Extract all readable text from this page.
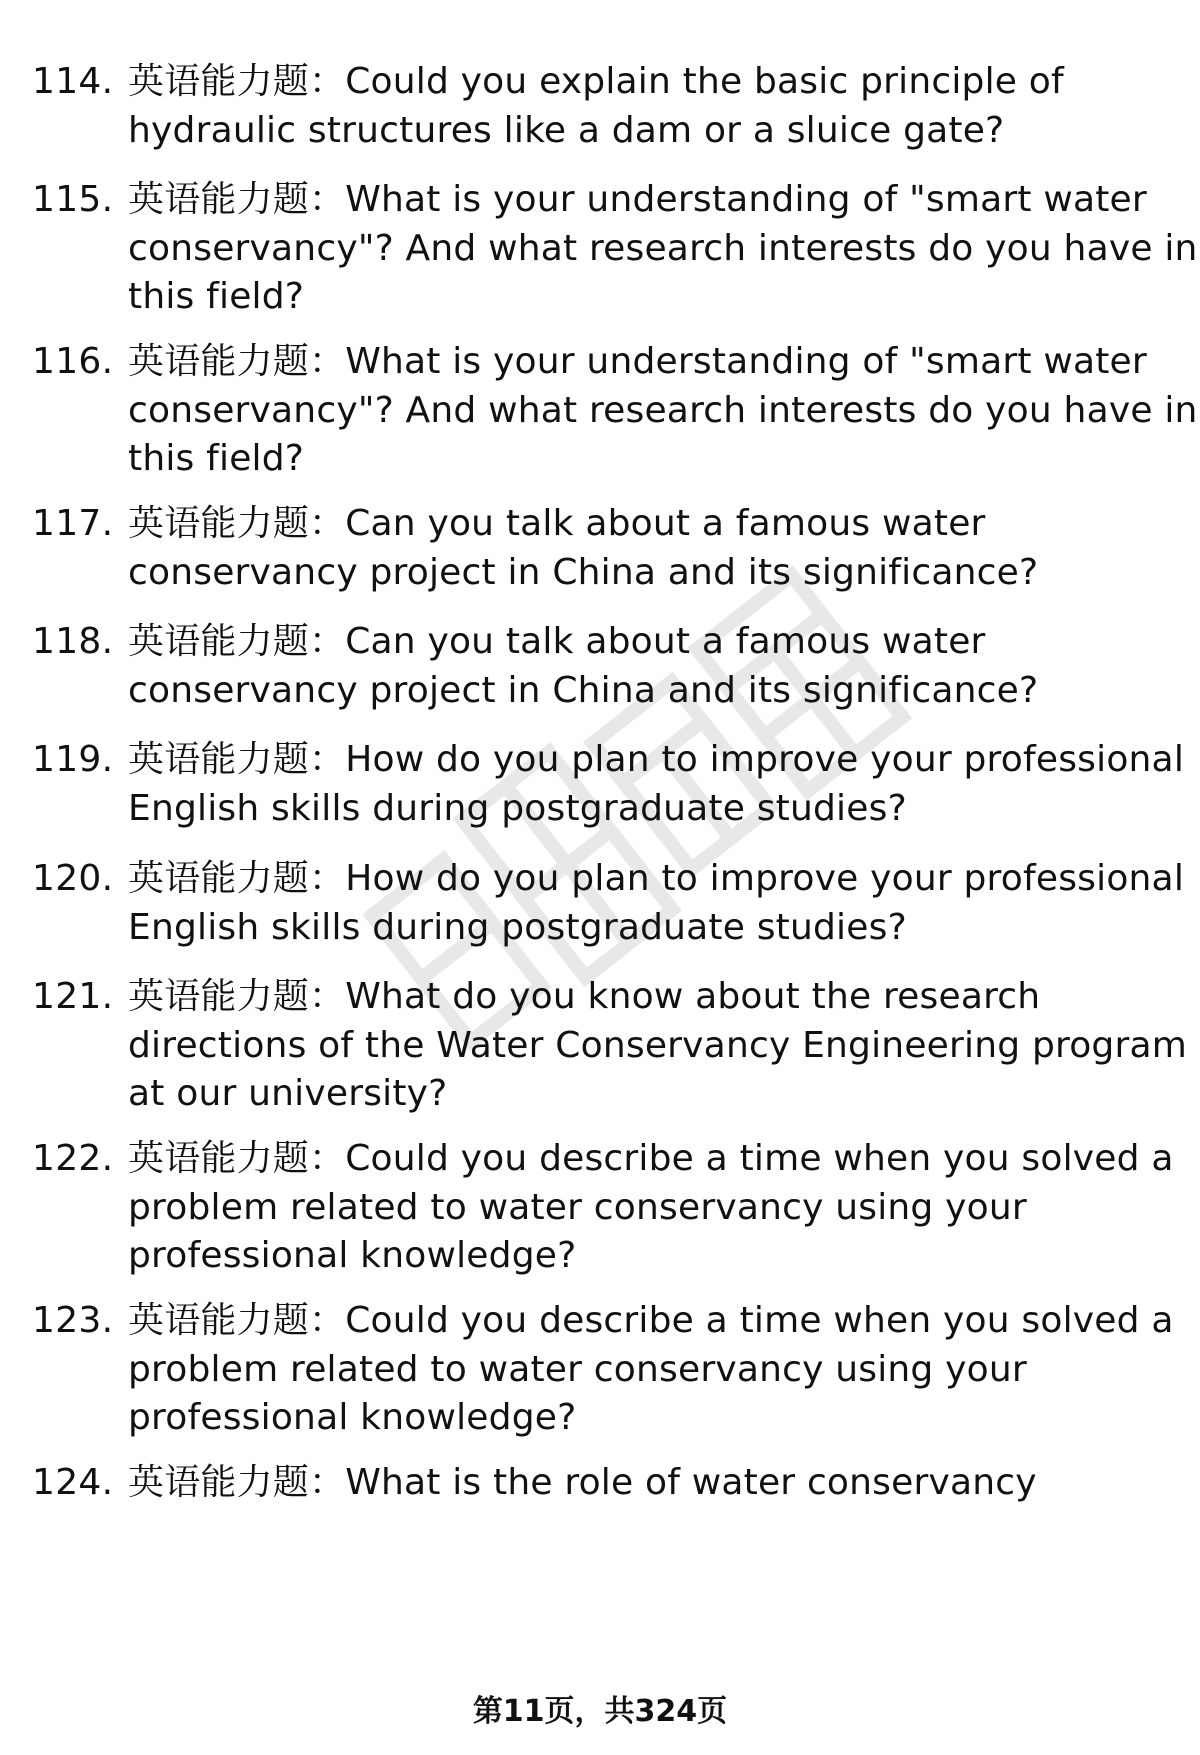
114. 英语能力题：Could you explain the basic principle of
hydraulic structures like a dam or a sluice gate?
115. 英语能力题：What is your understanding of "smart water
conservancy"? And what research interests do you have in
this field?
116. 英语能力题：What is your understanding of "smart water
conservancy"? And what research interests do you have in
this field?
117. 英语能力题：Can you talk about a famous water
conservancy project in China and its significance?
118. 英语能力题：Can you talk about a famous water
conservancy project in China and its significance?
119. 英语能力题：How do you plan to improve your professional
English skills during postgraduate studies?
120. 英语能力题：How do you plan to improve your professional
English skills during postgraduate studies?
121. 英语能力题：What do you know about the research
directions of the Water Conservancy Engineering program
at our university?
122. 英语能力题：Could you describe a time when you solved a
problem related to water conservancy using your
professional knowledge?
123. 英语能力题：Could you describe a time when you solved a
problem related to water conservancy using your
professional knowledge?
124. 英语能力题：What is the role of water conservancy
第11页，共324页
